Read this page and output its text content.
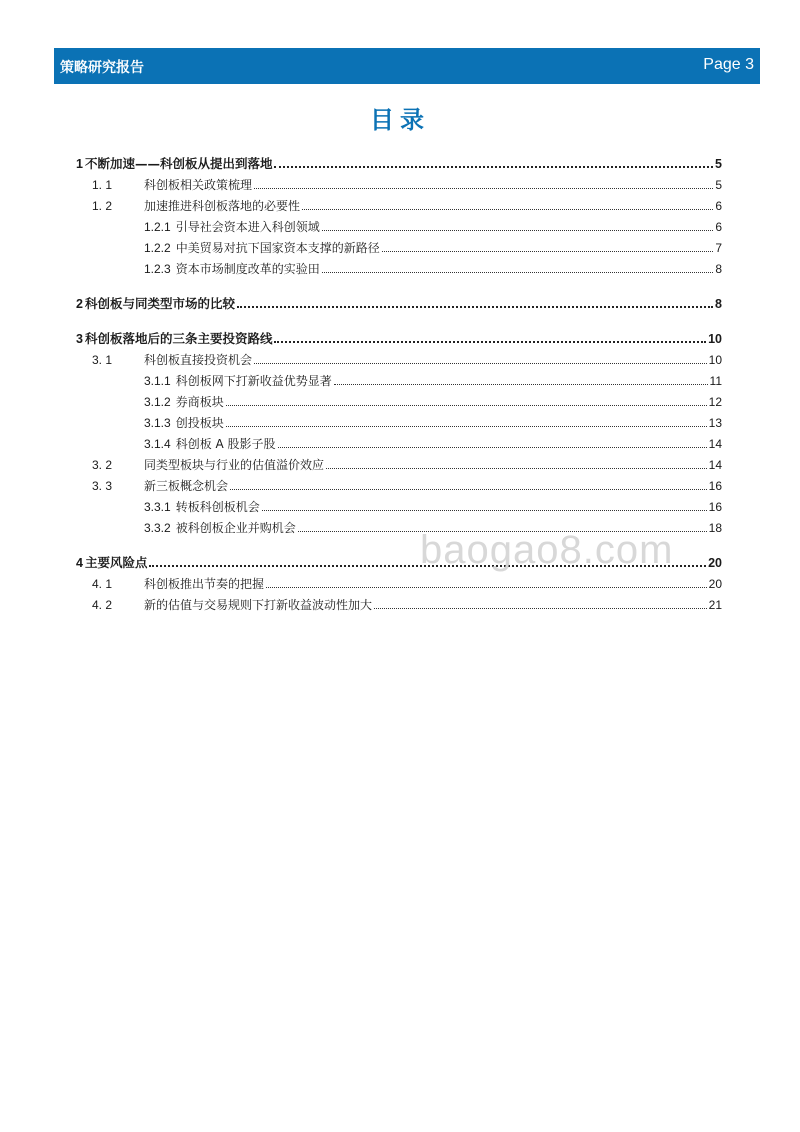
策略研究报告	Page 3
目录
1 不断加速——科创板从提出到落地	5
1. 1	科创板相关政策梳理	5
1. 2	加速推进科创板落地的必要性	6
1.2.1 引导社会资本进入科创领域	6
1.2.2 中美贸易对抗下国家资本支撑的新路径	7
1.2.3 资本市场制度改革的实验田	8
2 科创板与同类型市场的比较	8
3 科创板落地后的三条主要投资路线	10
3. 1	科创板直接投资机会	10
3.1.1 科创板网下打新收益优势显著	11
3.1.2 券商板块	12
3.1.3 创投板块	13
3.1.4 科创板 A 股影子股	14
3. 2	同类型板块与行业的估值溢价效应	14
3. 3	新三板概念机会	16
3.3.1 转板科创板机会	16
3.3.2 被科创板企业并购机会	18
4 主要风险点	20
4. 1	科创板推出节奏的把握	20
4. 2	新的估值与交易规则下打新收益波动性加大	21
baogao8.com
